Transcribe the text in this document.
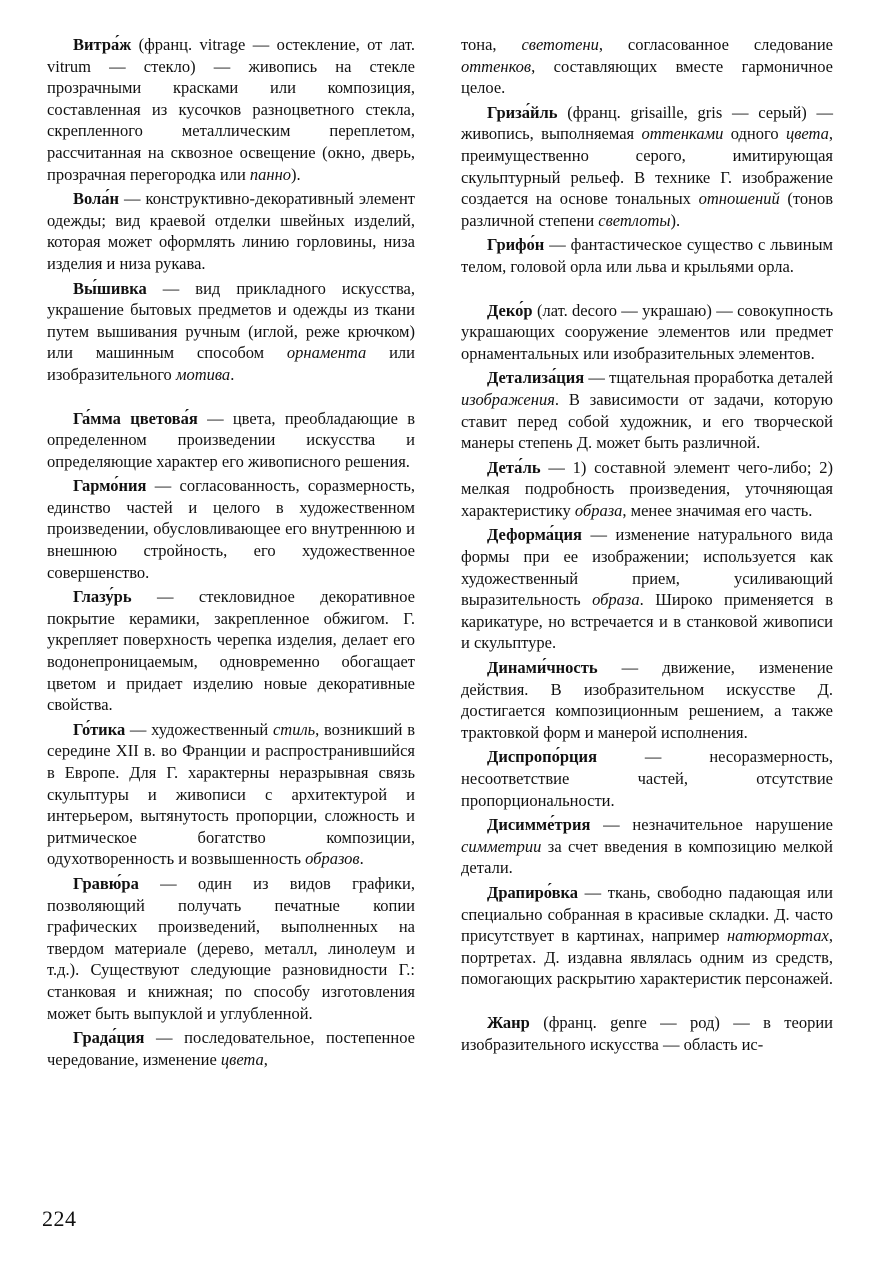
Витра́ж (франц. vitrage — остекление, от лат. vitrum — стекло) — живопись на стекле прозрачными красками или композиция, составленная из кусочков разноцветного стекла, скрепленного металлическим переплетом, рассчитанная на сквозное освещение (окно, дверь, прозрачная перегородка или панно).

Вола́н — конструктивно-декоративный элемент одежды; вид краевой отделки швейных изделий, которая может оформлять линию горловины, низа изделия и низа рукава.

Вы́шивка — вид прикладного искусства, украшение бытовых предметов и одежды из ткани путем вышивания ручным (иглой, реже крючком) или машинным способом орнамента или изобразительного мотива.

Га́мма цветова́я — цвета, преобладающие в определенном произведении искусства и определяющие характер его живописного решения.

Гармо́ния — согласованность, соразмерность, единство частей и целого в художественном произведении, обусловливающее его внутреннюю и внешнюю стройность, его художественное совершенство.

Глазу́рь — стекловидное декоративное покрытие керамики, закрепленное обжигом. Г. укрепляет поверхность черепка изделия, делает его водонепроницаемым, одновременно обогащает цветом и придает изделию новые декоративные свойства.

Го́тика — художественный стиль, возникший в середине XII в. во Франции и распространившийся в Европе. Для Г. характерны неразрывная связь скульптуры и живописи с архитектурой и интерьером, вытянутость пропорции, сложность и ритмическое богатство композиции, одухотворенность и возвышенность образов.

Гравю́ра — один из видов графики, позволяющий получать печатные копии графических произведений, выполненных на твердом материале (дерево, металл, линолеум и т.д.). Существуют следующие разновидности Г.: станковая и книжная; по способу изготовления может быть выпуклой и углубленной.

Града́ция — последовательное, постепенное чередование, изменение цвета,

тона, светотени, согласованное следование оттенков, составляющих вместе гармоничное целое.

Гриза́йль (франц. grisaille, gris — серый) — живопись, выполняемая оттенками одного цвета, преимущественно серого, имитирующая скульптурный рельеф. В технике Г. изображение создается на основе тональных отношений (тонов различной степени светлоты).

Грифо́н — фантастическое существо с львиным телом, головой орла или льва и крыльями орла.

Деко́р (лат. decoro — украшаю) — совокупность украшающих сооружение элементов или предмет орнаментальных или изобразительных элементов.

Детализа́ция — тщательная проработка деталей изображения. В зависимости от задачи, которую ставит перед собой художник, и его творческой манеры степень Д. может быть различной.

Дета́ль — 1) составной элемент чего-либо; 2) мелкая подробность произведения, уточняющая характеристику образа, менее значимая его часть.

Деформа́ция — изменение натурального вида формы при ее изображении; используется как художественный прием, усиливающий выразительность образа. Широко применяется в карикатуре, но встречается и в станковой живописи и скульптуре.

Динами́чность — движение, изменение действия. В изобразительном искусстве Д. достигается композиционным решением, а также трактовкой форм и манерой исполнения.

Диспропо́рция	— несоразмерность, несоответствие частей, отсутствие пропорциональности.

Дисимме́трия — незначительное нарушение симметрии за счет введения в композицию мелкой детали.

Драпиро́вка — ткань, свободно падающая или специально собранная в красивые складки. Д. часто присутствует в картинах, например натюрмортах, портретах. Д. издавна являлась одним из средств, помогающих раскрытию характеристик персонажей.

Жанр (франц. genre — род) — в теории изобразительного искусства — область ис-

224
